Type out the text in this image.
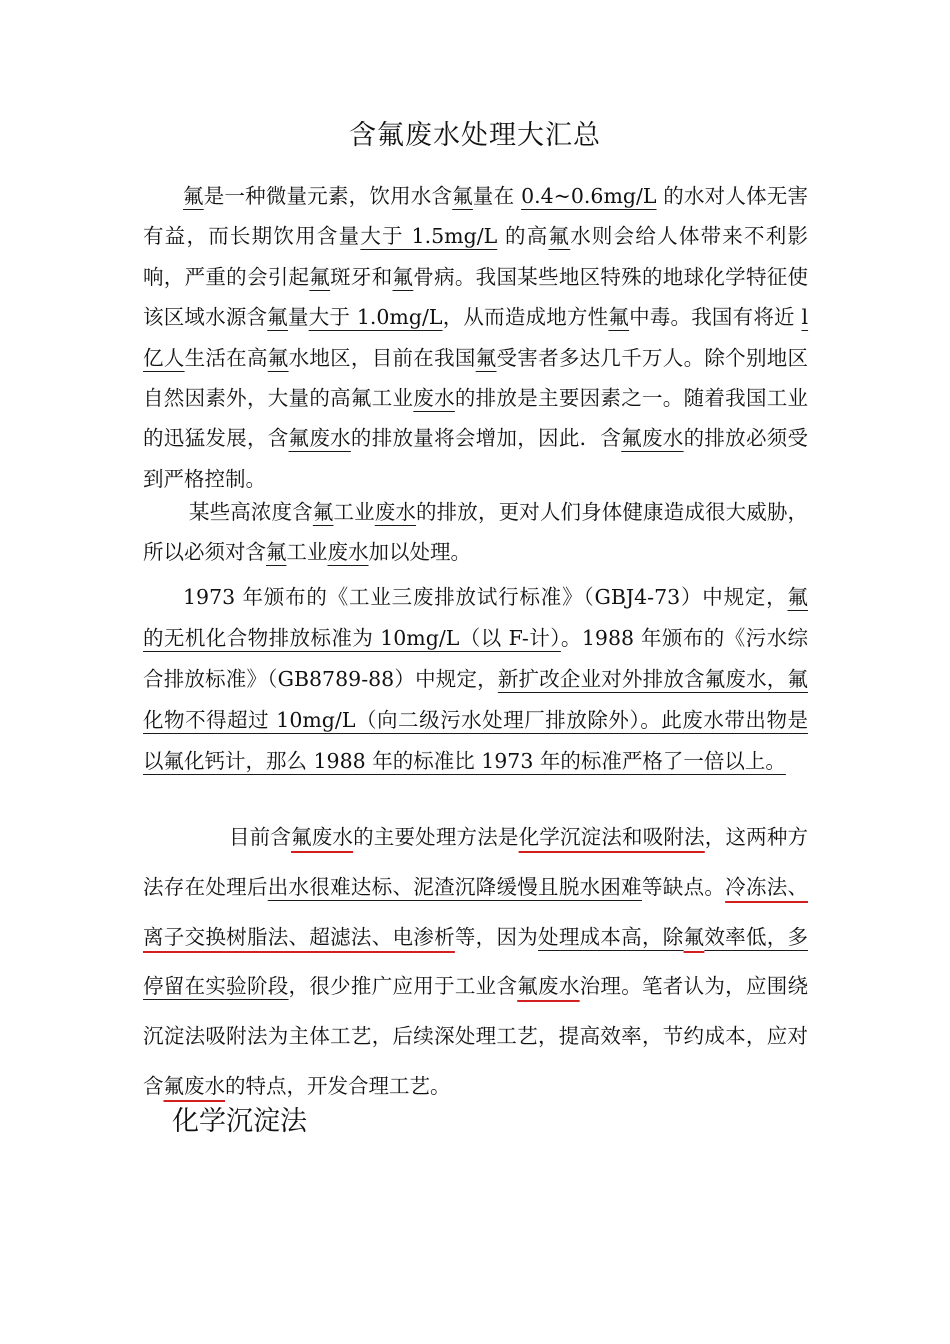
含氟废水处理大汇总
氟是一种微量元素，饮用水含氟量在 0.4~0.6mg/L 的水对人体无害有益，而长期饮用含量大于 1.5mg/L 的高氟水则会给人体带来不利影响，严重的会引起氟斑牙和氟骨病。我国某些地区特殊的地球化学特征使该区域水源含氟量大于 1.0mg/L，从而造成地方性氟中毒。我国有将近 l 亿人生活在高氟水地区，目前在我国氟受害者多达几千万人。除个别地区自然因素外，大量的高氟工业废水的排放是主要因素之一。随着我国工业的迅猛发展，含氟废水的排放量将会增加，因此．含氟废水的排放必须受到严格控制。
某些高浓度含氟工业废水的排放，更对人们身体健康造成很大威胁，所以必须对含氟工业废水加以处理。
1973 年颁布的《工业三废排放试行标准》（GBJ4-73）中规定，氟的无机化合物排放标准为 10mg/L（以 F-计）。1988 年颁布的《污水综合排放标准》（GB8789-88）中规定，新扩改企业对外排放含氟废水，氟化物不得超过 10mg/L（向二级污水处理厂排放除外）。此废水带出物是以氟化钙计，那么 1988 年的标准比 1973 年的标准严格了一倍以上。
目前含氟废水的主要处理方法是化学沉淀法和吸附法，这两种方法存在处理后出水很难达标、泥渣沉降缓慢且脱水困难等缺点。冷冻法、离子交换树脂法、超滤法、电渗析等，因为处理成本高，除氟效率低，多停留在实验阶段，很少推广应用于工业含氟废水治理。笔者认为，应围绕沉淀法吸附法为主体工艺，后续深处理工艺，提高效率，节约成本，应对含氟废水的特点，开发合理工艺。
化学沉淀法
